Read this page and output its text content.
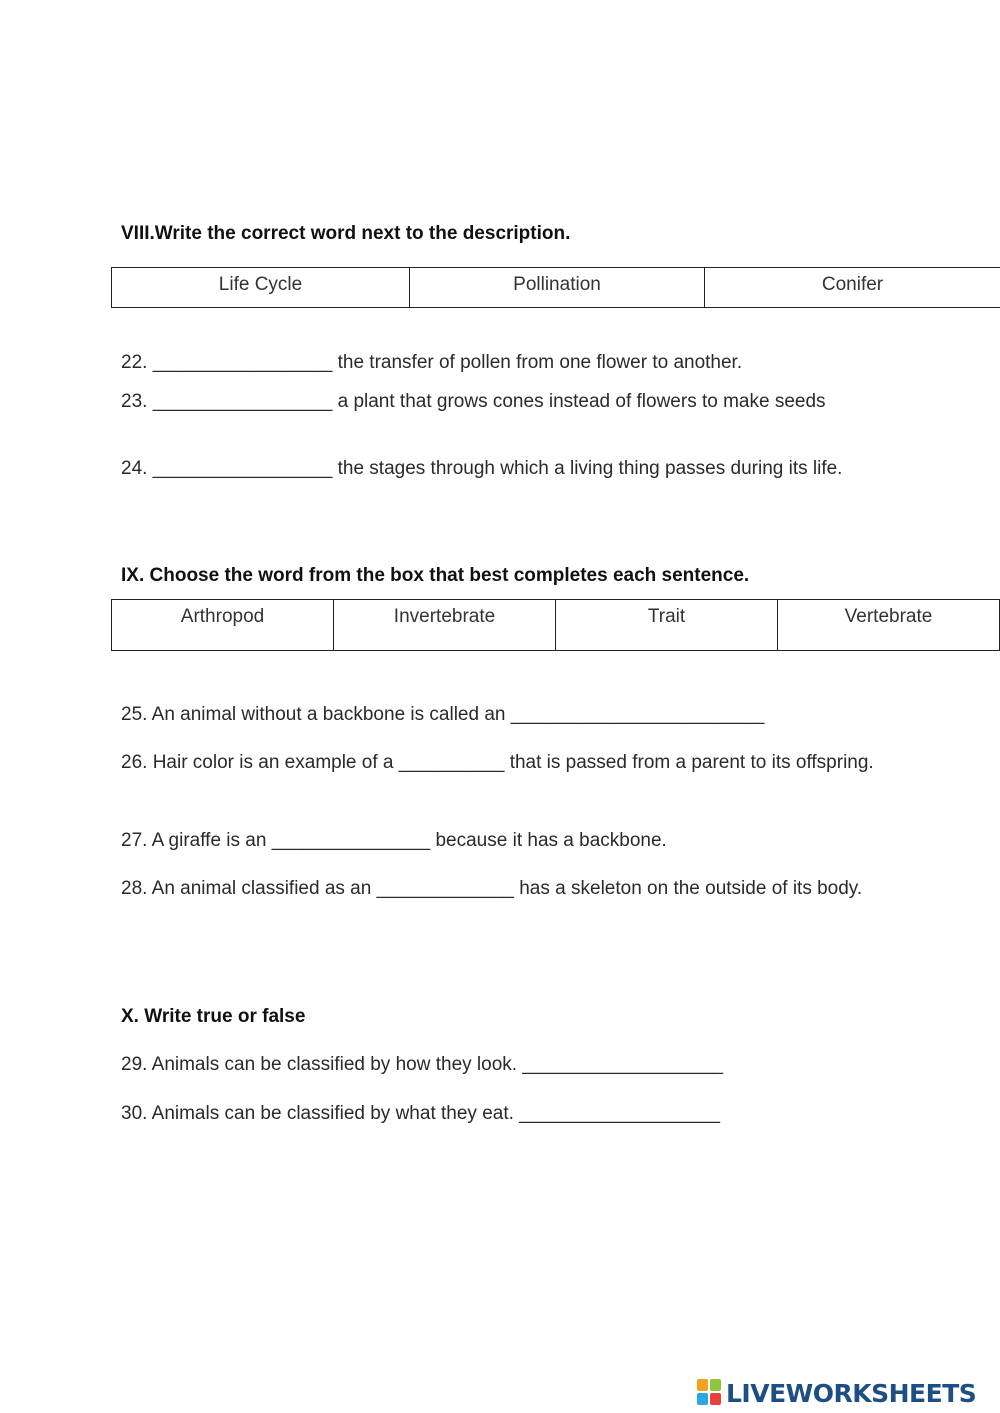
VIII.Write the correct word next to the description.
Life Cycle	Pollination	Conifer
22. _________________ the transfer of pollen from one flower to another.
23. _________________ a plant that grows cones instead of flowers to make seeds
24. _________________ the stages through which a living thing passes during its life.
IX. Choose the word from the box that best completes each sentence.
Arthropod	Invertebrate	Trait	Vertebrate
25. An animal without a backbone is called an ________________________
26. Hair color is an example of a __________ that is passed from a parent to its offspring.
27. A giraffe is an _______________ because it has a backbone.
28. An animal classified as an _____________ has a skeleton on the outside of its body.
X. Write true or false
29. Animals can be classified by how they look. ___________________
30. Animals can be classified by what they eat. ___________________
LIVEWORKSHEETS
